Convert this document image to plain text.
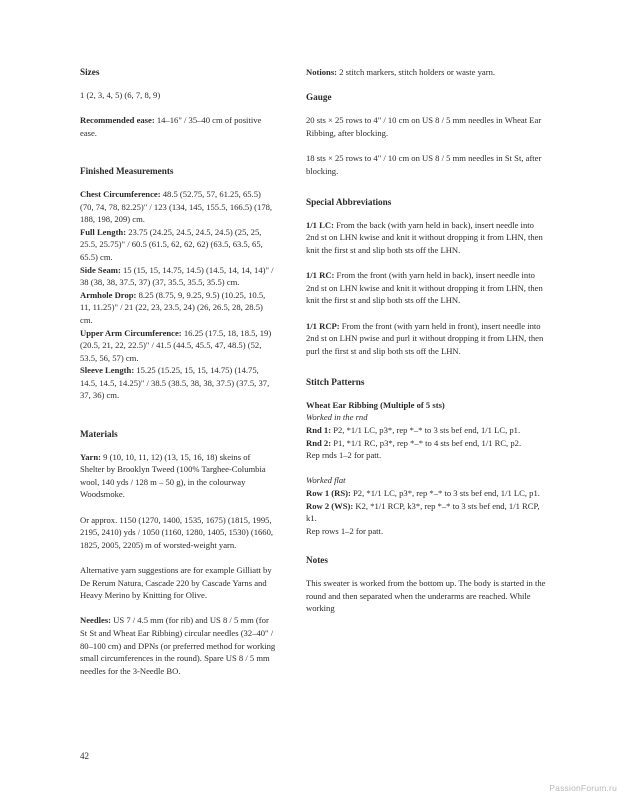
Sizes

1 (2, 3, 4, 5) (6, 7, 8, 9)

Recommended ease: 14–16" / 35–40 cm of positive ease.

Finished Measurements

Chest Circumference: 48.5 (52.75, 57, 61.25, 65.5) (70, 74, 78, 82.25)" / 123 (134, 145, 155.5, 166.5) (178, 188, 198, 209) cm.

Full Length: 23.75 (24.25, 24.5, 24.5, 24.5) (25, 25, 25.5, 25.75)" / 60.5 (61.5, 62, 62, 62) (63.5, 63.5, 65, 65.5) cm.

Side Seam: 15 (15, 15, 14.75, 14.5) (14.5, 14, 14, 14)" / 38 (38, 38, 37.5, 37) (37, 35.5, 35.5, 35.5) cm.

Armhole Drop: 8.25 (8.75, 9, 9.25, 9.5) (10.25, 10.5, 11, 11.25)" / 21 (22, 23, 23.5, 24) (26, 26.5, 28, 28.5) cm.

Upper Arm Circumference: 16.25 (17.5, 18, 18.5, 19) (20.5, 21, 22, 22.5)" / 41.5 (44.5, 45.5, 47, 48.5) (52, 53.5, 56, 57) cm.

Sleeve Length: 15.25 (15.25, 15, 15, 14.75) (14.75, 14.5, 14.5, 14.25)" / 38.5 (38.5, 38, 38, 37.5) (37.5, 37, 37, 36) cm.

Materials

Yarn: 9 (10, 10, 11, 12) (13, 15, 16, 18) skeins of Shelter by Brooklyn Tweed (100% Targhee-Columbia wool, 140 yds / 128 m – 50 g), in the colourway Woodsmoke.

Or approx. 1150 (1270, 1400, 1535, 1675) (1815, 1995, 2195, 2410) yds / 1050 (1160, 1280, 1405, 1530) (1660, 1825, 2005, 2205) m of worsted-weight yarn.

Alternative yarn suggestions are for example Gilliatt by De Rerum Natura, Cascade 220 by Cascade Yarns and Heavy Merino by Knitting for Olive.

Needles: US 7 / 4.5 mm (for rib) and US 8 / 5 mm (for St St and Wheat Ear Ribbing) circular needles (32–40" / 80–100 cm) and DPNs (or preferred method for working small circumferences in the round). Spare US 8 / 5 mm needles for the 3-Needle BO.

Notions: 2 stitch markers, stitch holders or waste yarn.

Gauge

20 sts × 25 rows to 4" / 10 cm on US 8 / 5 mm needles in Wheat Ear Ribbing, after blocking.

18 sts × 25 rows to 4" / 10 cm on US 8 / 5 mm needles in St St, after blocking.

Special Abbreviations

1/1 LC: From the back (with yarn held in back), insert needle into 2nd st on LHN kwise and knit it without dropping it from LHN, then knit the first st and slip both sts off the LHN.

1/1 RC: From the front (with yarn held in back), insert needle into 2nd st on LHN kwise and knit it without dropping it from LHN, then knit the first st and slip both sts off the LHN.

1/1 RCP: From the front (with yarn held in front), insert needle into 2nd st on LHN pwise and purl it without dropping it from LHN, then purl the first st and slip both sts off the LHN.

Stitch Patterns

Wheat Ear Ribbing (Multiple of 5 sts)

Worked in the rnd

Rnd 1: P2, *1/1 LC, p3*, rep *–* to 3 sts bef end, 1/1 LC, p1.

Rnd 2: P1, *1/1 RC, p3*, rep *–* to 4 sts bef end, 1/1 RC, p2.

Rep rnds 1–2 for patt.

Worked flat

Row 1 (RS): P2, *1/1 LC, p3*, rep *–* to 3 sts bef end, 1/1 LC, p1.

Row 2 (WS): K2, *1/1 RCP, k3*, rep *–* to 3 sts bef end, 1/1 RCP, k1.

Rep rows 1–2 for patt.

Notes

This sweater is worked from the bottom up. The body is started in the round and then separated when the underarms are reached. While working

42
PassionForum.ru
